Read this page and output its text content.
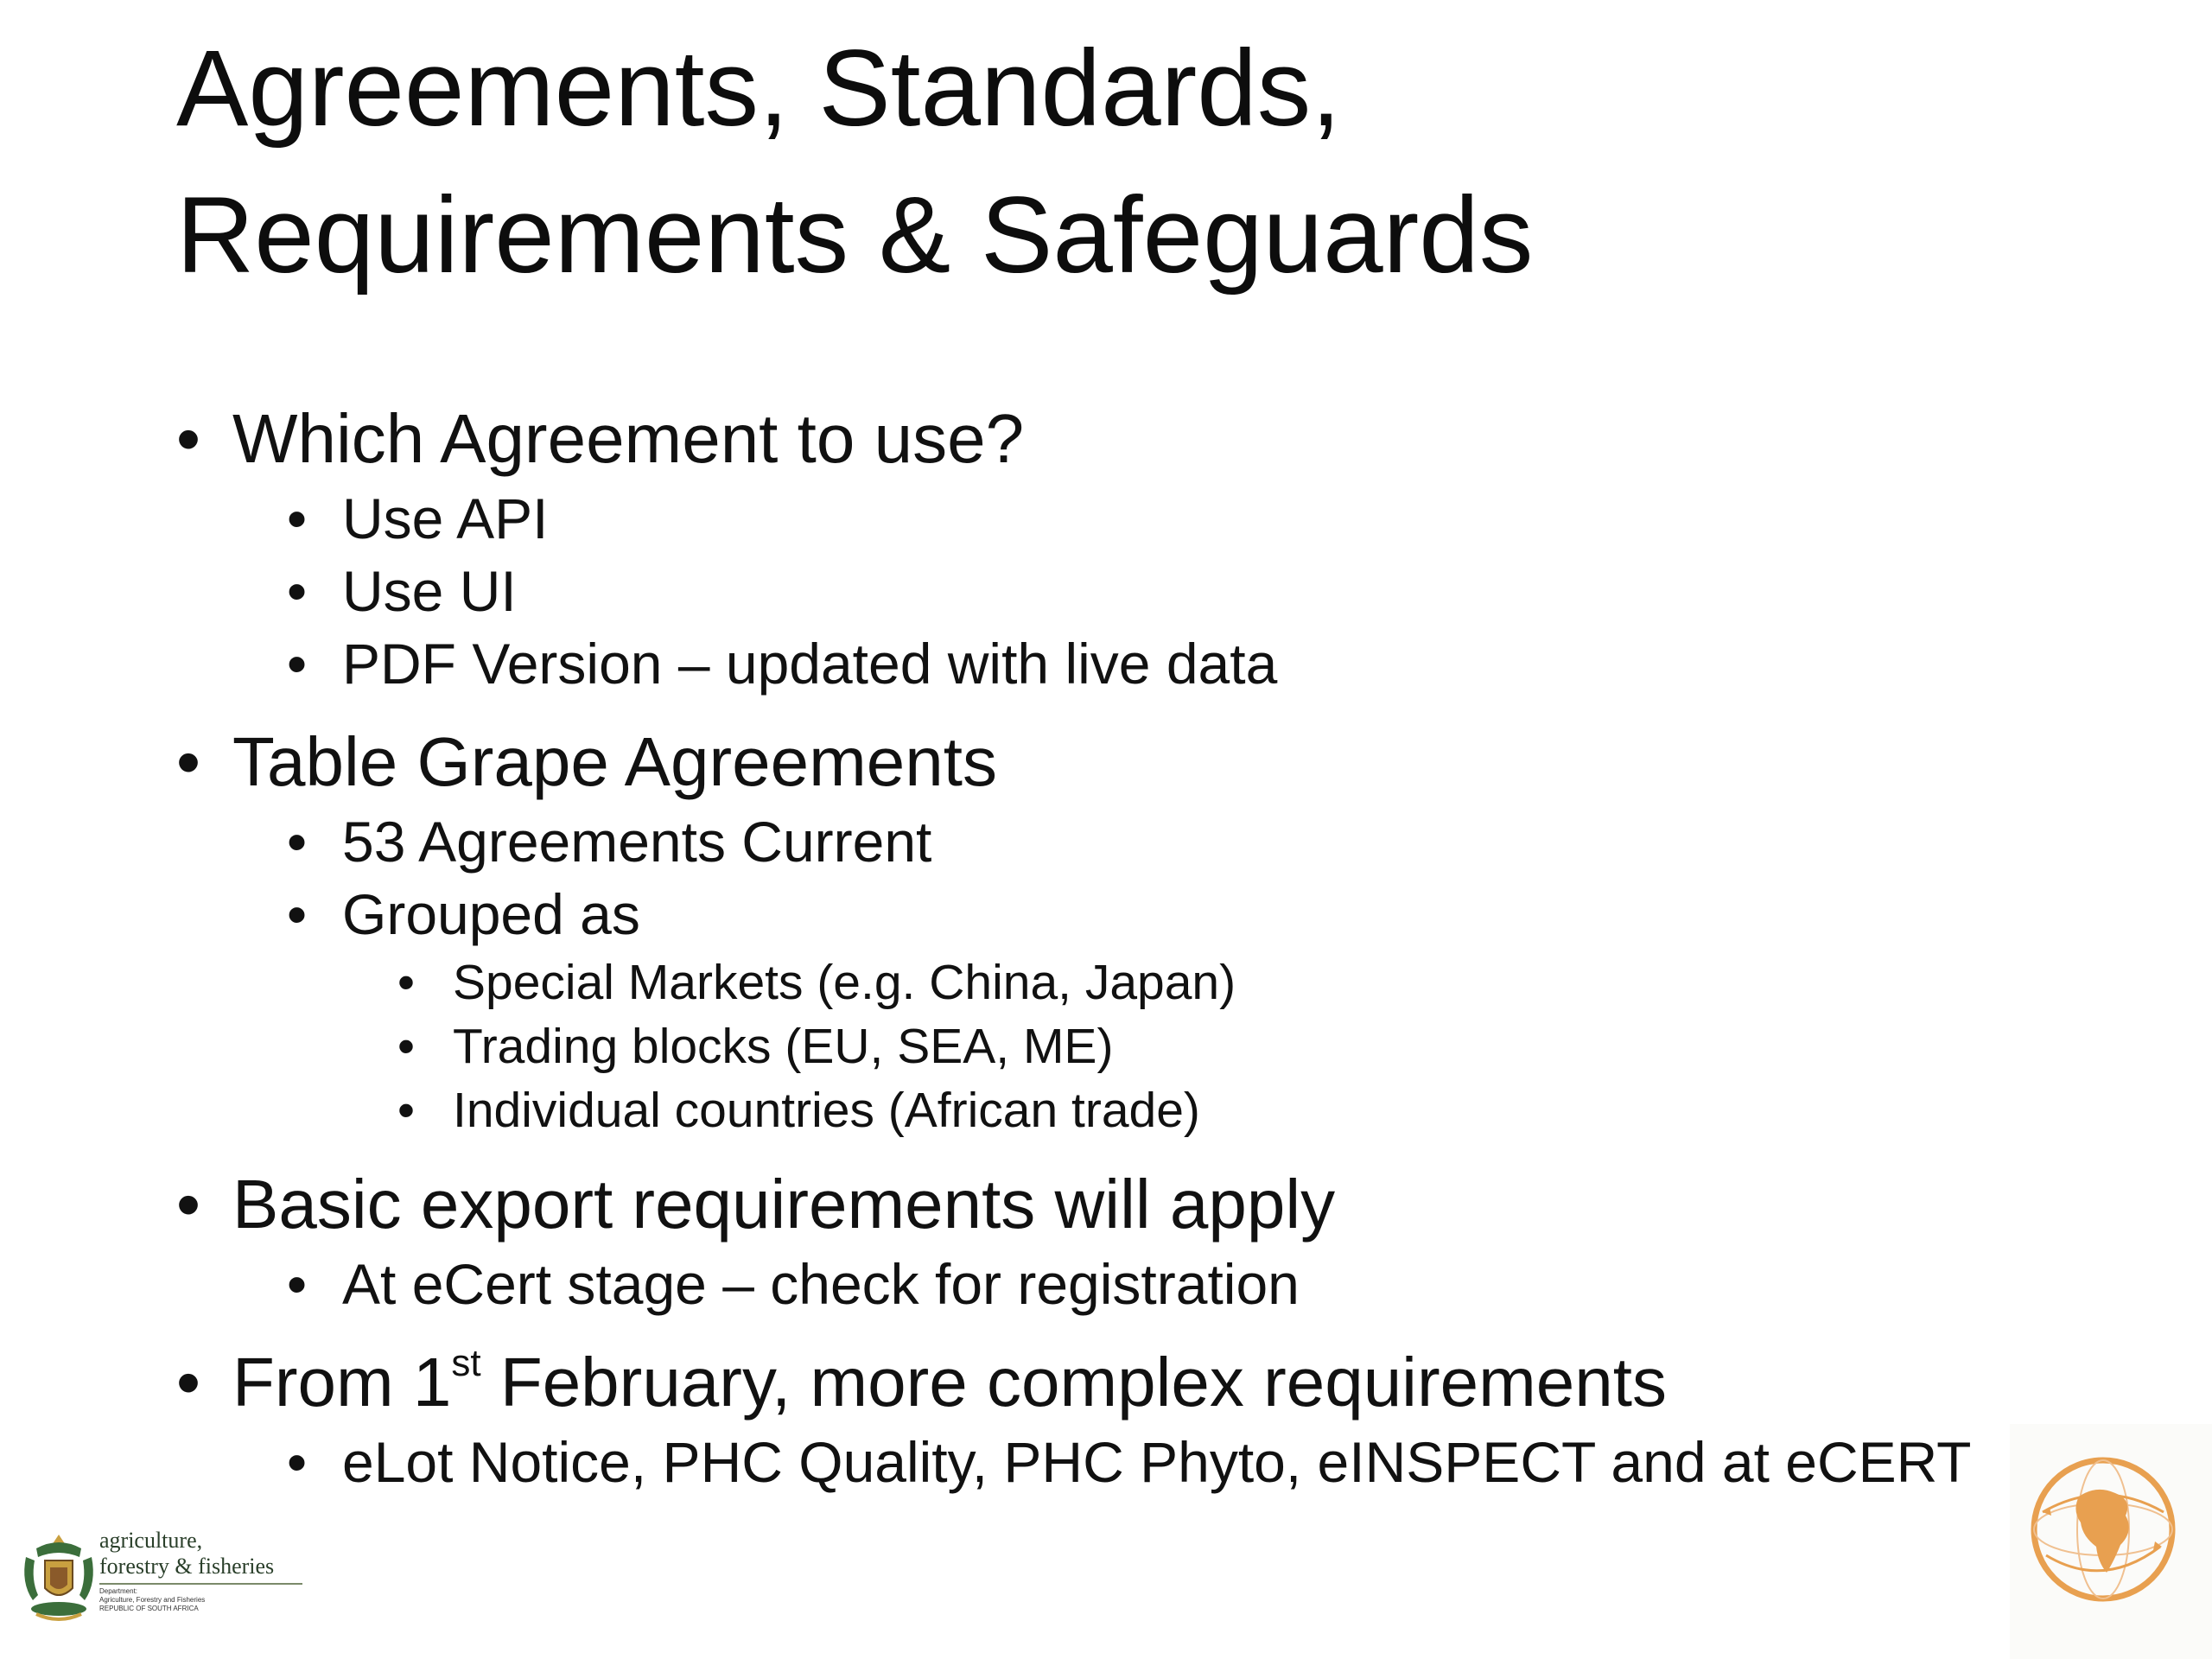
Agreements, Standards,
Requirements & Safeguards
• Which Agreement to use?
• Use API
• Use UI
• PDF Version – updated with live data
• Table Grape Agreements
• 53 Agreements Current
• Grouped as
• Special Markets (e.g. China, Japan)
• Trading blocks (EU, SEA, ME)
• Individual countries (African trade)
• Basic export requirements will apply
• At eCert stage – check for registration
• From 1st February, more complex requirements
• eLot Notice, PHC Quality, PHC Phyto, eINSPECT and at eCERT
agriculture,
forestry & fisheries
Department:
Agriculture, Forestry and Fisheries
REPUBLIC OF SOUTH AFRICA
